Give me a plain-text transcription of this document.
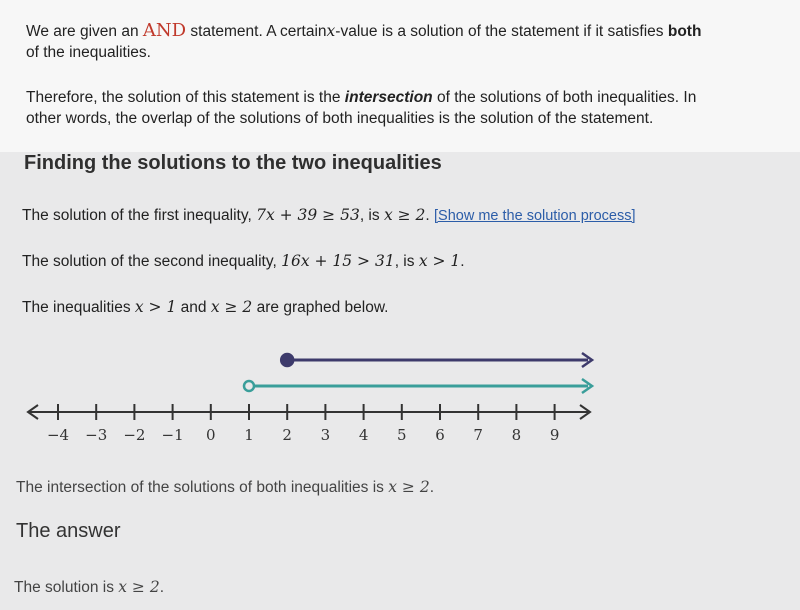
We are given an AND statement. A certainx-value is a solution of the statement if it satisfies both
of the inequalities.
Therefore, the solution of this statement is the intersection of the solutions of both inequalities. In
other words, the overlap of the solutions of both inequalities is the solution of the statement.
Finding the solutions to the two inequalities
The solution of the first inequality, 7x + 39 ≥ 53, is x ≥ 2. [Show me the solution process]
The solution of the second inequality, 16x + 15 > 31, is x > 1.
The inequalities x > 1 and x ≥ 2 are graphed below.
−4 −3 −2 −1 0 1 2 3 4 5 6 7 8 9
The intersection of the solutions of both inequalities is x ≥ 2.
The answer
The solution is x ≥ 2.
